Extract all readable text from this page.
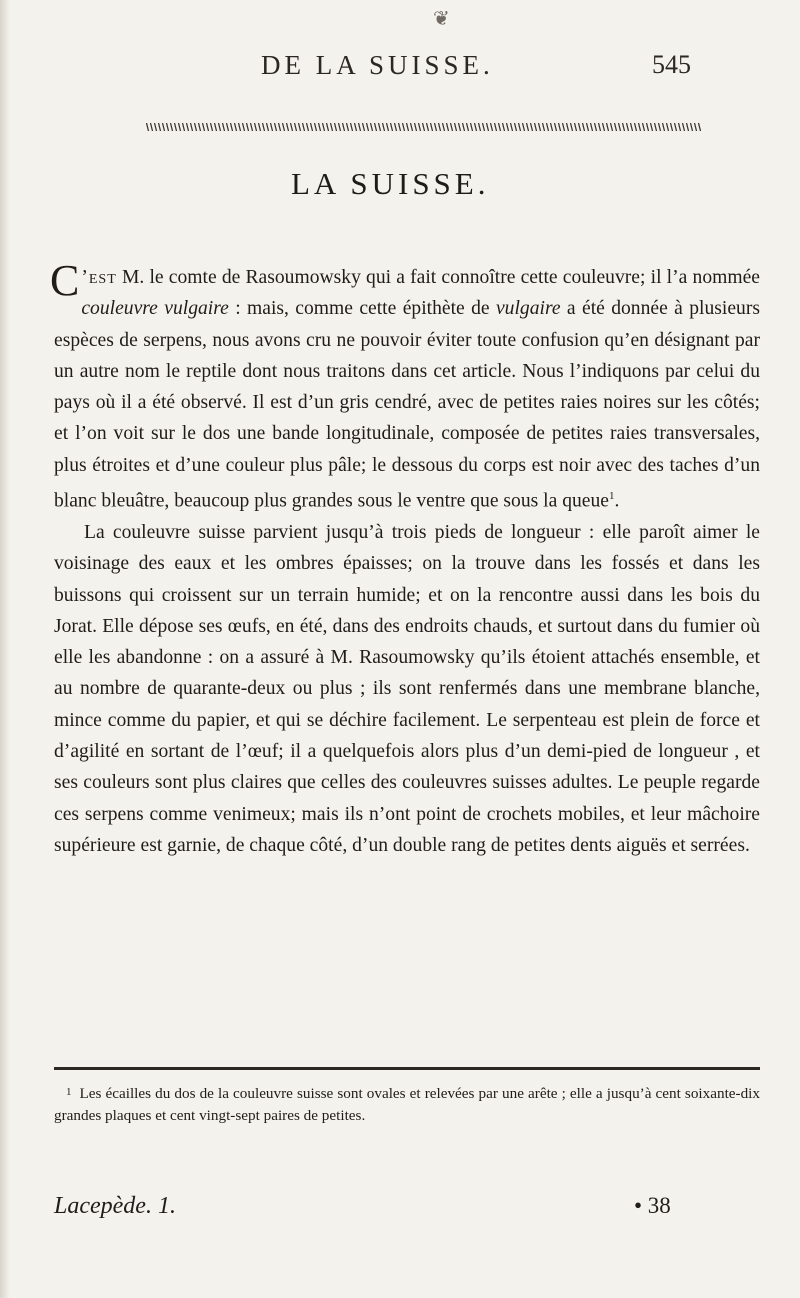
❦
DE LA SUISSE.	545
LA SUISSE.

C ’est M. le comte de Rasoumowsky qui a fait connoître cette couleuvre; il l’a nommée couleuvre vulgaire : mais, comme cette épithète de vulgaire a été donnée à plusieurs espèces de serpens, nous avons cru ne pouvoir éviter toute confusion qu’en désignant par un autre nom le reptile dont nous traitons dans cet article. Nous l’indiquons par celui du pays où il a été observé. Il est d’un gris cendré, avec de petites raies noires sur les côtés; et l’on voit sur le dos une bande longitudinale, composée de petites raies transversales, plus étroites et d’une couleur plus pâle; le dessous du corps est noir avec des taches d’un blanc bleuâtre, beaucoup plus grandes sous le ventre que sous la queue$^1$.

La couleuvre suisse parvient jusqu’à trois pieds de longueur : elle paroît aimer le voisinage des eaux et les ombres épaisses; on la trouve dans les fossés et dans les buissons qui croissent sur un terrain humide; et on la rencontre aussi dans les bois du Jorat. Elle dépose ses œufs, en été, dans des endroits chauds, et surtout dans du fumier où elle les abandonne : on a assuré à M. Rasoumowsky qu’ils étoient attachés ensemble, et au nombre de quarante-deux ou plus ; ils sont renfermés dans une membrane blanche, mince comme du papier, et qui se déchire facilement. Le serpenteau est plein de force et d’agilité en sortant de l’œuf; il a quelquefois alors plus d’un demi-pied de longueur , et ses couleurs sont plus claires que celles des couleuvres suisses adultes. Le peuple regarde ces serpens comme venimeux; mais ils n’ont point de crochets mobiles, et leur mâchoire supérieure est garnie, de chaque côté, d’un double rang de petites dents aiguës et serrées.

1 Les écailles du dos de la couleuvre suisse sont ovales et relevées par une arête ; elle a jusqu’à cent soixante-dix grandes plaques et cent vingt-sept paires de petites.
Lacepède. 1.	• 38
